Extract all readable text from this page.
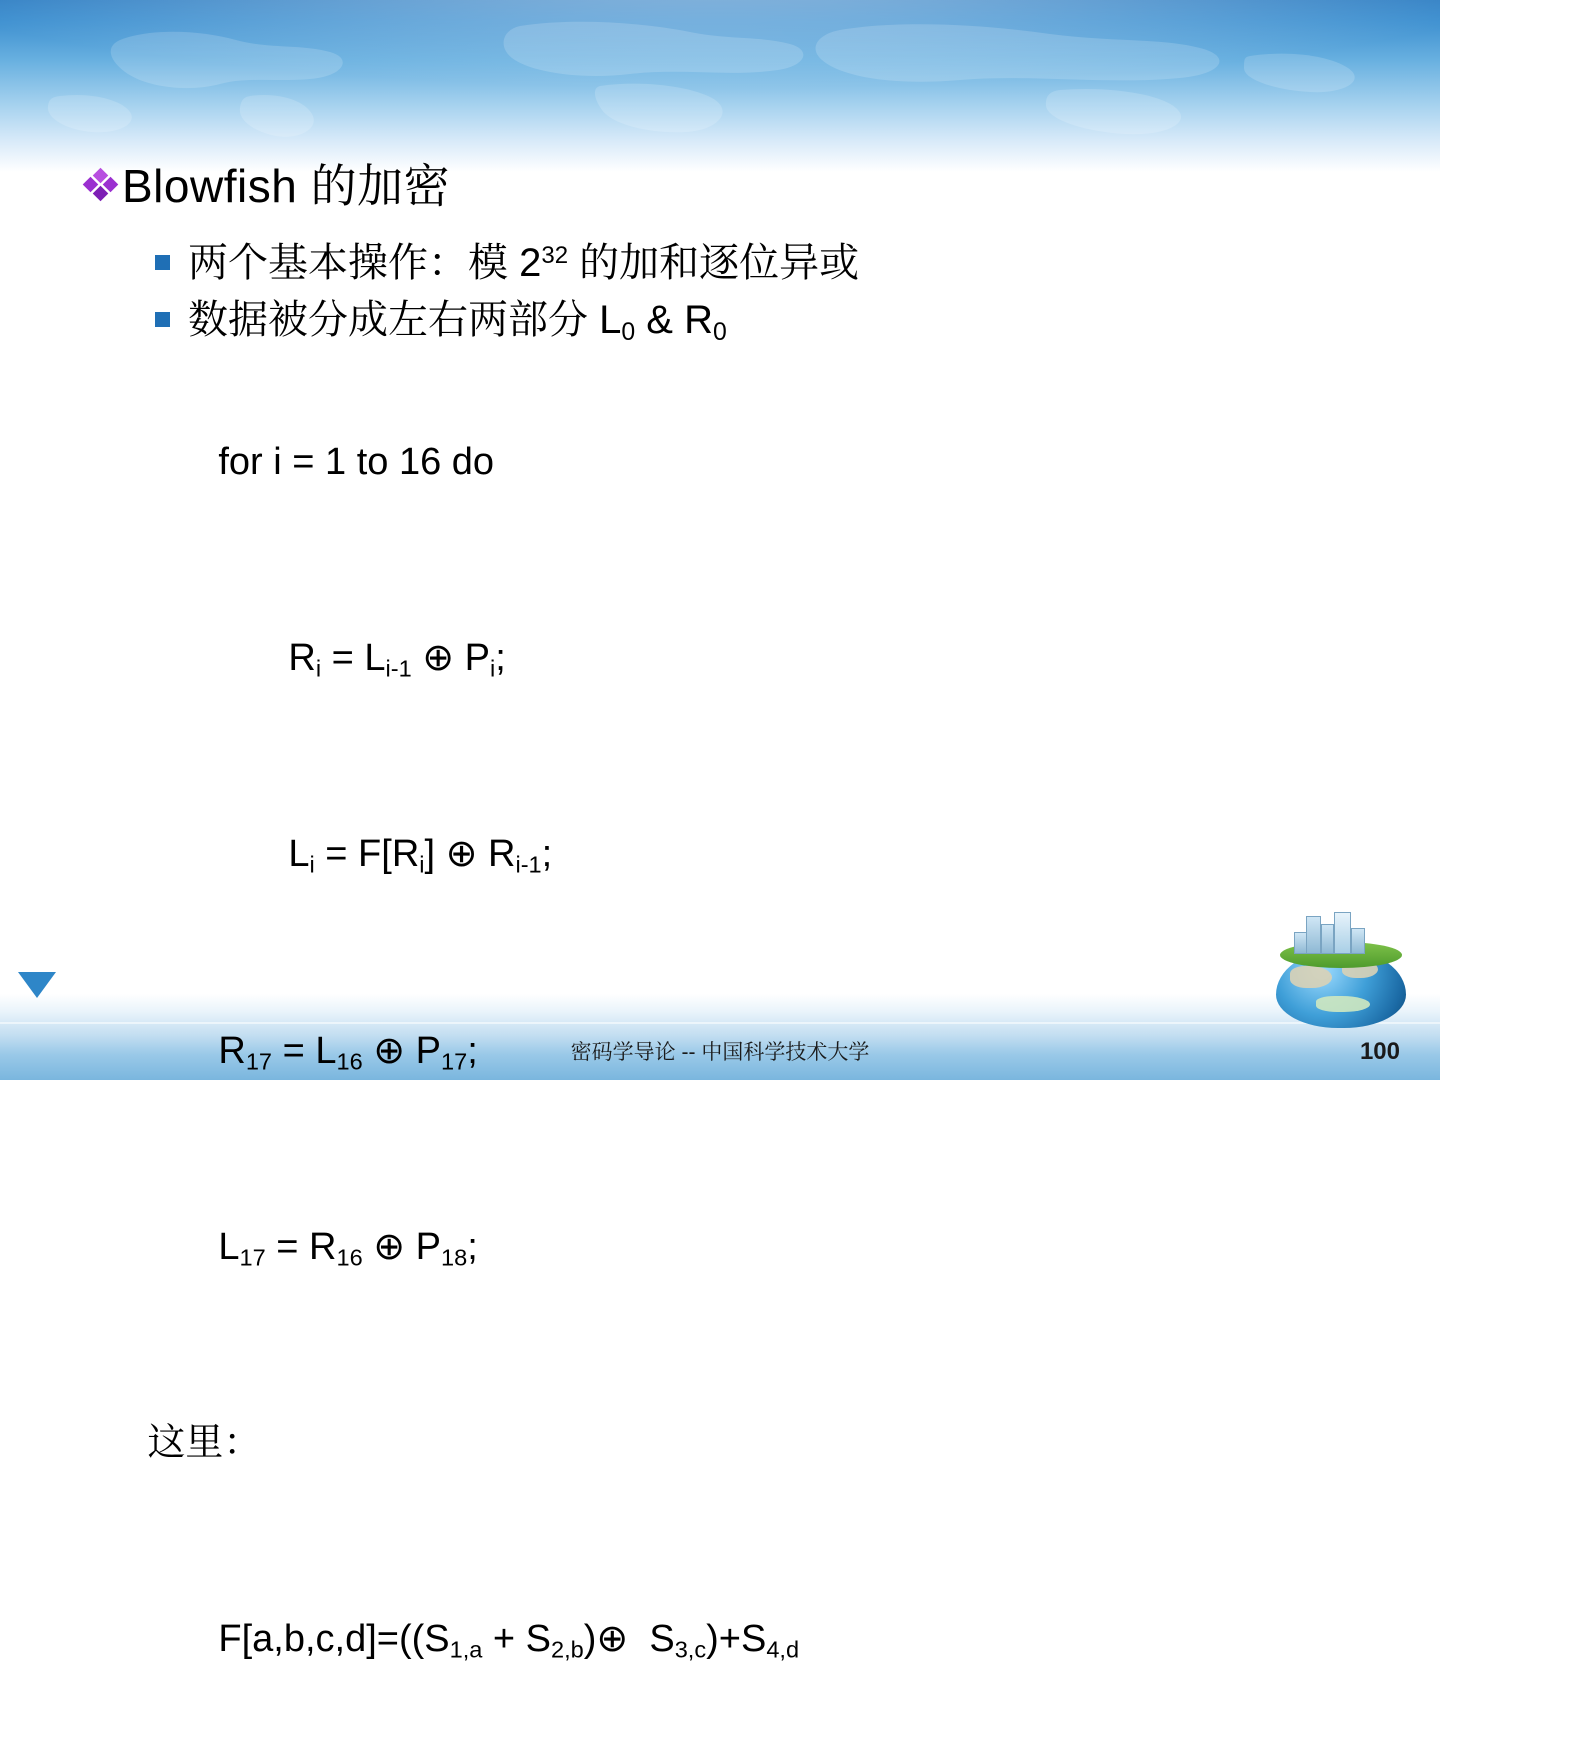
Blowfish 的加密
两个基本操作：模 $2^{32}$ 的加和逐位异或
数据被分成左右两部分 $L_0$ & $R_0$

for i = 1 to 16 do

$R_i = L_{i-1}$ ⊕ $P_i$;

$L_i = F[R_i]$ ⊕ $R_{i-1}$;

$R_{17} = L_{16}$ ⊕ $P_{17}$;

$L_{17} = R_{16}$ ⊕ $P_{18}$;

这里：

$F[a,b,c,d]=((S_{1,a}$ + $S_{2,b})\oplus$  $S_{3,c})+S_{4,d}$

密码学导论 -- 中国科学技术大学	100
